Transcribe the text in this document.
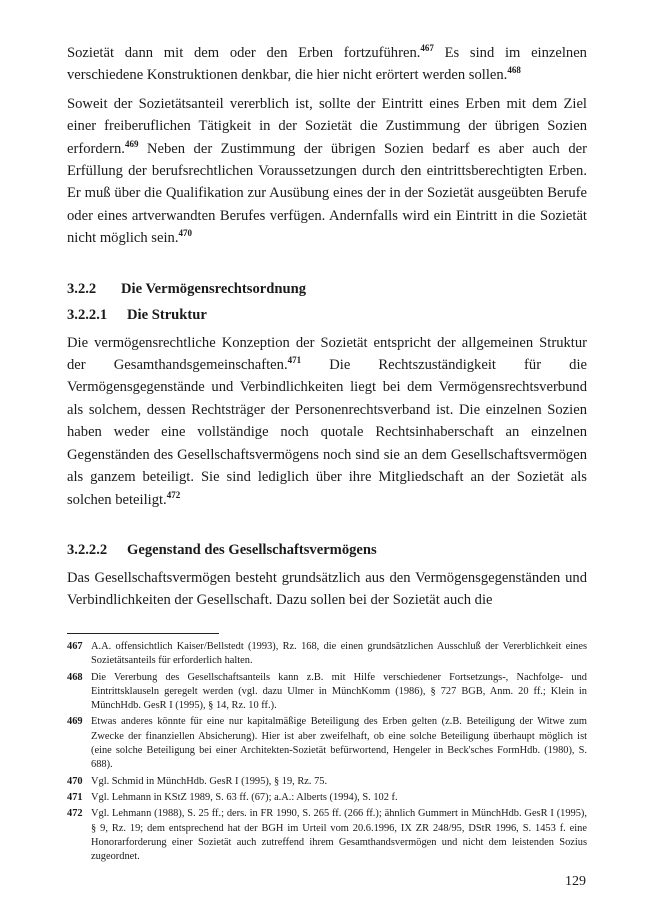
Sozietät dann mit dem oder den Erben fortzuführen.$^{467}$ Es sind im einzelnen verschiedene Konstruktionen denkbar, die hier nicht erörtert werden sollen.$^{468}$

Soweit der Sozietätsanteil vererblich ist, sollte der Eintritt eines Erben mit dem Ziel einer freiberuflichen Tätigkeit in der Sozietät die Zustimmung der übrigen Sozien erfordern.$^{469}$ Neben der Zustimmung der übrigen Sozien bedarf es aber auch der Erfüllung der berufsrechtlichen Voraussetzungen durch den eintrittsberechtigten Erben. Er muß über die Qualifikation zur Ausübung eines der in der Sozietät ausgeübten Berufe oder eines artverwandten Berufes verfügen. Andernfalls wird ein Eintritt in die Sozietät nicht möglich sein.$^{470}$

3.2.2 Die Vermögensrechtsordnung
3.2.2.1 Die Struktur

Die vermögensrechtliche Konzeption der Sozietät entspricht der allgemeinen Struktur der Gesamthandsgemeinschaften.$^{471}$ Die Rechtszuständigkeit für die Vermögensgegenstände und Verbindlichkeiten liegt bei dem Vermögensrechtsverbund als solchem, dessen Rechtsträger der Personenrechtsverband ist. Die einzelnen Sozien haben weder eine vollständige noch quotale Rechtsinhaberschaft an einzelnen Gegenständen des Gesellschaftsvermögens noch sind sie an dem Gesellschaftsvermögen als ganzem beteiligt. Sie sind lediglich über ihre Mitgliedschaft an der Sozietät als solchen beteiligt.$^{472}$

3.2.2.2 Gegenstand des Gesellschaftsvermögens

Das Gesellschaftsvermögen besteht grundsätzlich aus den Vermögensgegenständen und Verbindlichkeiten der Gesellschaft. Dazu sollen bei der Sozietät auch die

467 A.A. offensichtlich Kaiser/Bellstedt (1993), Rz. 168, die einen grundsätzlichen Ausschluß der Vererblichkeit eines Sozietätsanteils für erforderlich halten.
468 Die Vererbung des Gesellschaftsanteils kann z.B. mit Hilfe verschiedener Fortsetzungs-, Nachfolge- und Eintrittsklauseln geregelt werden (vgl. dazu Ulmer in MünchKomm (1986), § 727 BGB, Anm. 20 ff.; Klein in MünchHdb. GesR I (1995), § 14, Rz. 10 ff.).
469 Etwas anderes könnte für eine nur kapitalmäßige Beteiligung des Erben gelten (z.B. Beteiligung der Witwe zum Zwecke der finanziellen Absicherung). Hier ist aber zweifelhaft, ob eine solche Beteiligung überhaupt möglich ist (eine solche Beteiligung bei einer Architekten-Sozietät befürwortend, Hengeler in Beck'sches FormHdb. (1980), S. 688).
470 Vgl. Schmid in MünchHdb. GesR I (1995), § 19, Rz. 75.
471 Vgl. Lehmann in KStZ 1989, S. 63 ff. (67); a.A.: Alberts (1994), S. 102 f.
472 Vgl. Lehmann (1988), S. 25 ff.; ders. in FR 1990, S. 265 ff. (266 ff.); ähnlich Gummert in MünchHdb. GesR I (1995), § 9, Rz. 19; dem entsprechend hat der BGH im Urteil vom 20.6.1996, IX ZR 248/95, DStR 1996, S. 1453 f. eine Honorarforderung einer Sozietät auch zutreffend ihrem Gesamthandsvermögen und nicht dem leistenden Sozius zugeordnet.
129
